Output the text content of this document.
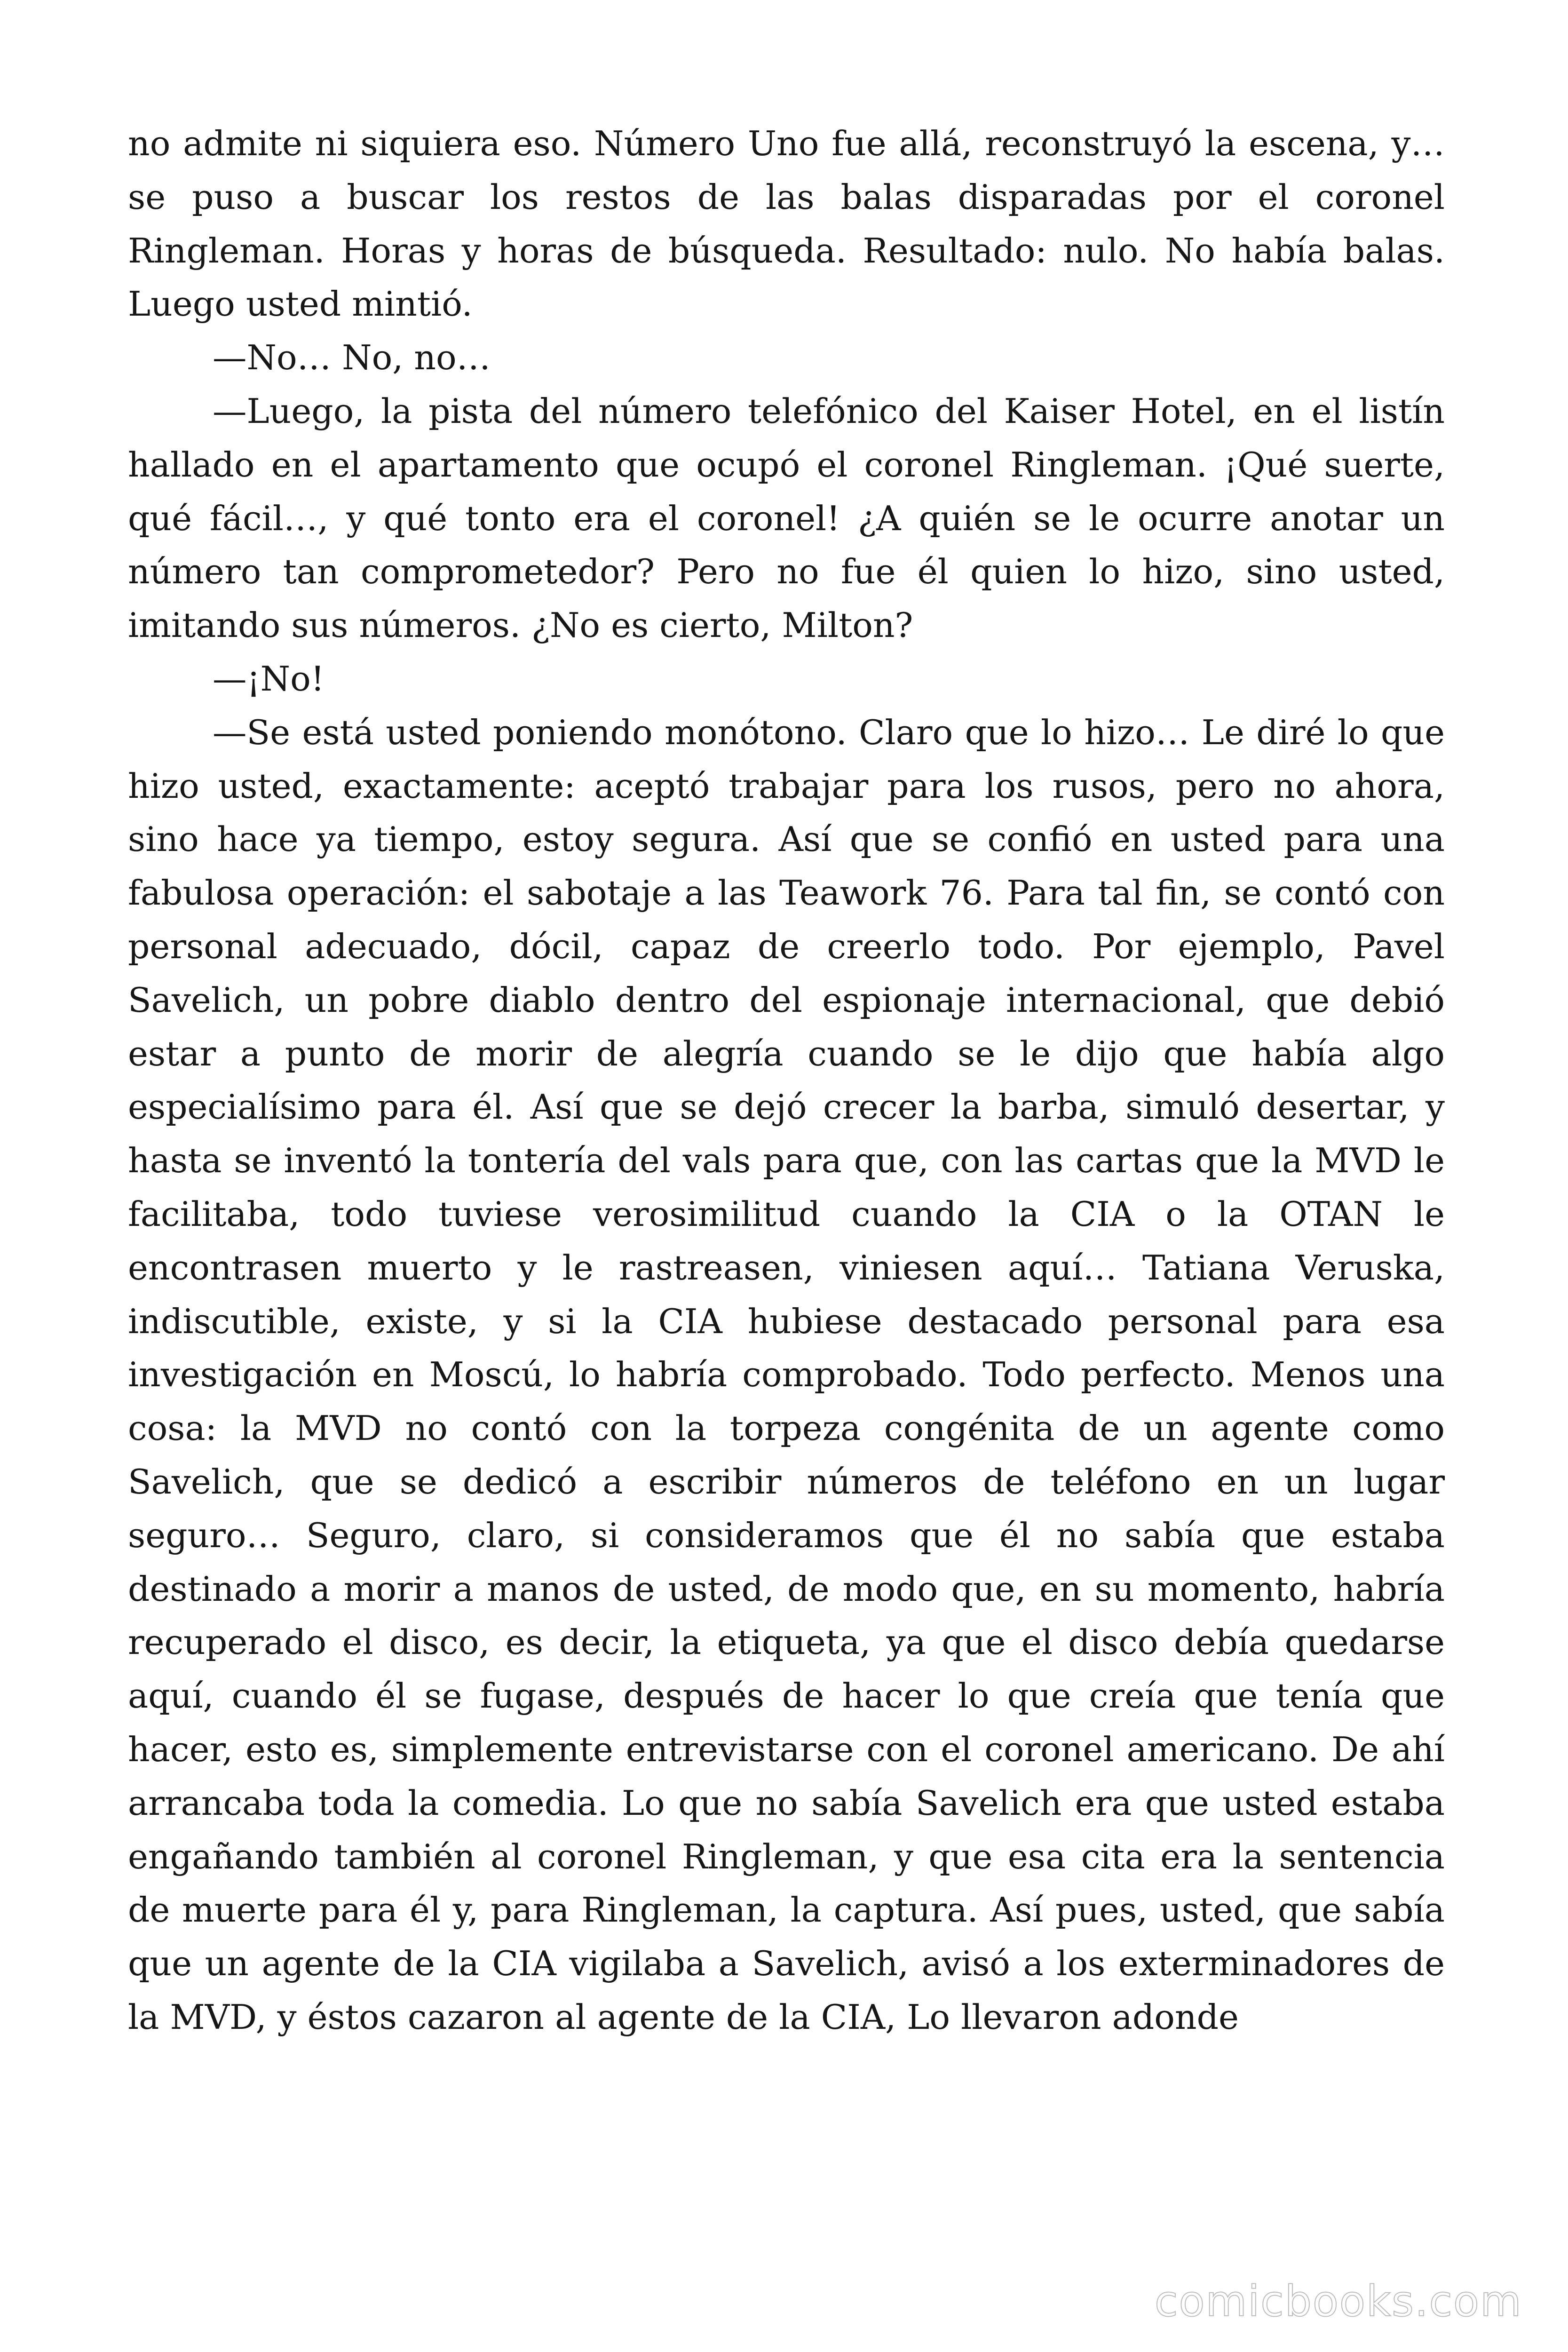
no admite ni siquiera eso. Número Uno fue allá, reconstruyó la escena, y… se puso a buscar los restos de las balas disparadas por el coronel Ringleman. Horas y horas de búsqueda. Resultado: nulo. No había balas. Luego usted mintió.

—No… No, no…

—Luego, la pista del número telefónico del Kaiser Hotel, en el listín hallado en el apartamento que ocupó el coronel Ringleman. ¡Qué suerte, qué fácil…, y qué tonto era el coronel! ¿A quién se le ocurre anotar un número tan comprometedor? Pero no fue él quien lo hizo, sino usted, imitando sus números. ¿No es cierto, Milton?

—¡No!

—Se está usted poniendo monótono. Claro que lo hizo… Le diré lo que hizo usted, exactamente: aceptó trabajar para los rusos, pero no ahora, sino hace ya tiempo, estoy segura. Así que se confió en usted para una fabulosa operación: el sabotaje a las Teawork 76. Para tal fin, se contó con personal adecuado, dócil, capaz de creerlo todo. Por ejemplo, Pavel Savelich, un pobre diablo dentro del espionaje internacional, que debió estar a punto de morir de alegría cuando se le dijo que había algo especialísimo para él. Así que se dejó crecer la barba, simuló desertar, y hasta se inventó la tontería del vals para que, con las cartas que la MVD le facilitaba, todo tuviese verosimilitud cuando la CIA o la OTAN le encontrasen muerto y le rastreasen, viniesen aquí… Tatiana Veruska, indiscutible, existe, y si la CIA hubiese destacado personal para esa investigación en Moscú, lo habría comprobado. Todo perfecto. Menos una cosa: la MVD no contó con la torpeza congénita de un agente como Savelich, que se dedicó a escribir números de teléfono en un lugar seguro… Seguro, claro, si consideramos que él no sabía que estaba destinado a morir a manos de usted, de modo que, en su momento, habría recuperado el disco, es decir, la etiqueta, ya que el disco debía quedarse aquí, cuando él se fugase, después de hacer lo que creía que tenía que hacer, esto es, simplemente entrevistarse con el coronel americano. De ahí arrancaba toda la comedia. Lo que no sabía Savelich era que usted estaba engañando también al coronel Ringleman, y que esa cita era la sentencia de muerte para él y, para Ringleman, la captura. Así pues, usted, que sabía que un agente de la CIA vigilaba a Savelich, avisó a los exterminadores de la MVD, y éstos cazaron al agente de la CIA, Lo llevaron adonde

comicbooks.com
